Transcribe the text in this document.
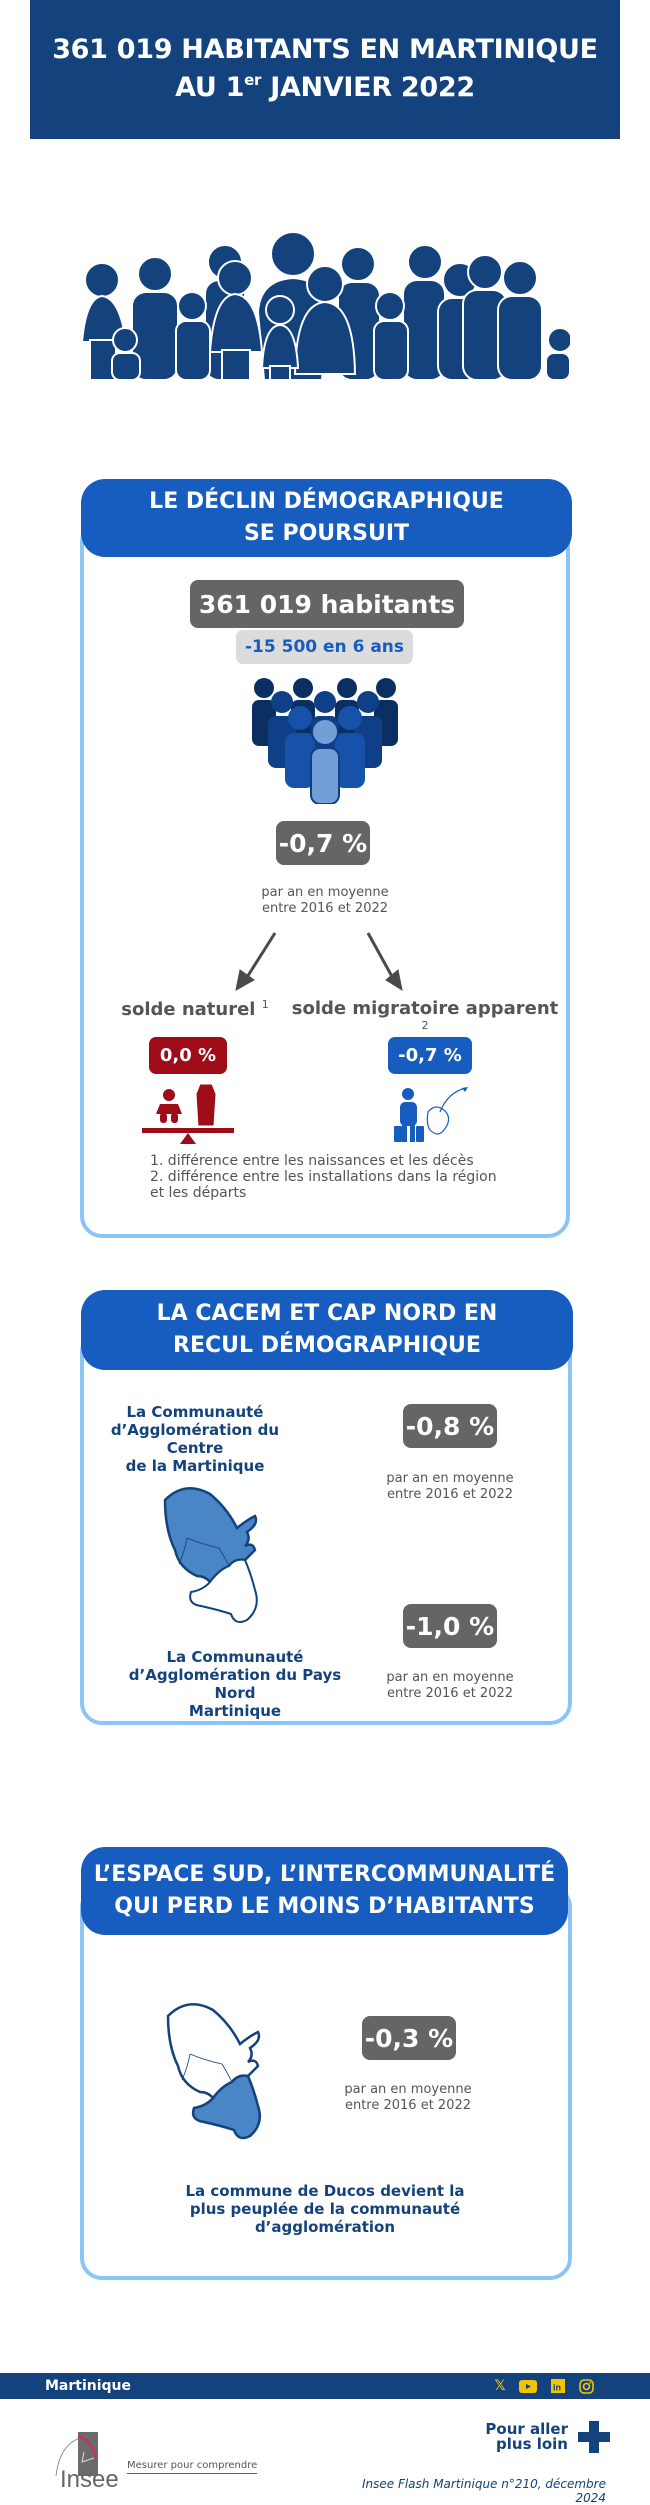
361 019 HABITANTS EN MARTINIQUE
AU 1er JANVIER 2022
LE DÉCLIN DÉMOGRAPHIQUE
SE POURSUIT
361 019 habitants
-15 500 en 6 ans
-0,7 %
par an en moyenne
entre 2016 et 2022
solde naturel $^1$ solde migratoire apparent $^2$
0,0 %	-0,7 %
1. différence entre les naissances et les décès
2. différence entre les installations dans la région
et les départs
LA CACEM ET CAP NORD EN
RECUL DÉMOGRAPHIQUE
La Communauté
d’Agglomération du Centre
de la Martinique
-0,8 %
par an en moyenne
entre 2016 et 2022
La Communauté
d’Agglomération du Pays Nord
Martinique
-1,0 %
par an en moyenne
entre 2016 et 2022
L’ESPACE SUD, L’INTERCOMMUNALITÉ
QUI PERD LE MOINS D’HABITANTS
-0,3 %
par an en moyenne
entre 2016 et 2022
La commune de Ducos devient la
plus peuplée de la communauté
d’agglomération
Martinique	𝕏	in
Pour aller
plus loin
Insee
Mesurer pour comprendre
Insee Flash Martinique n°210, décembre 2024
